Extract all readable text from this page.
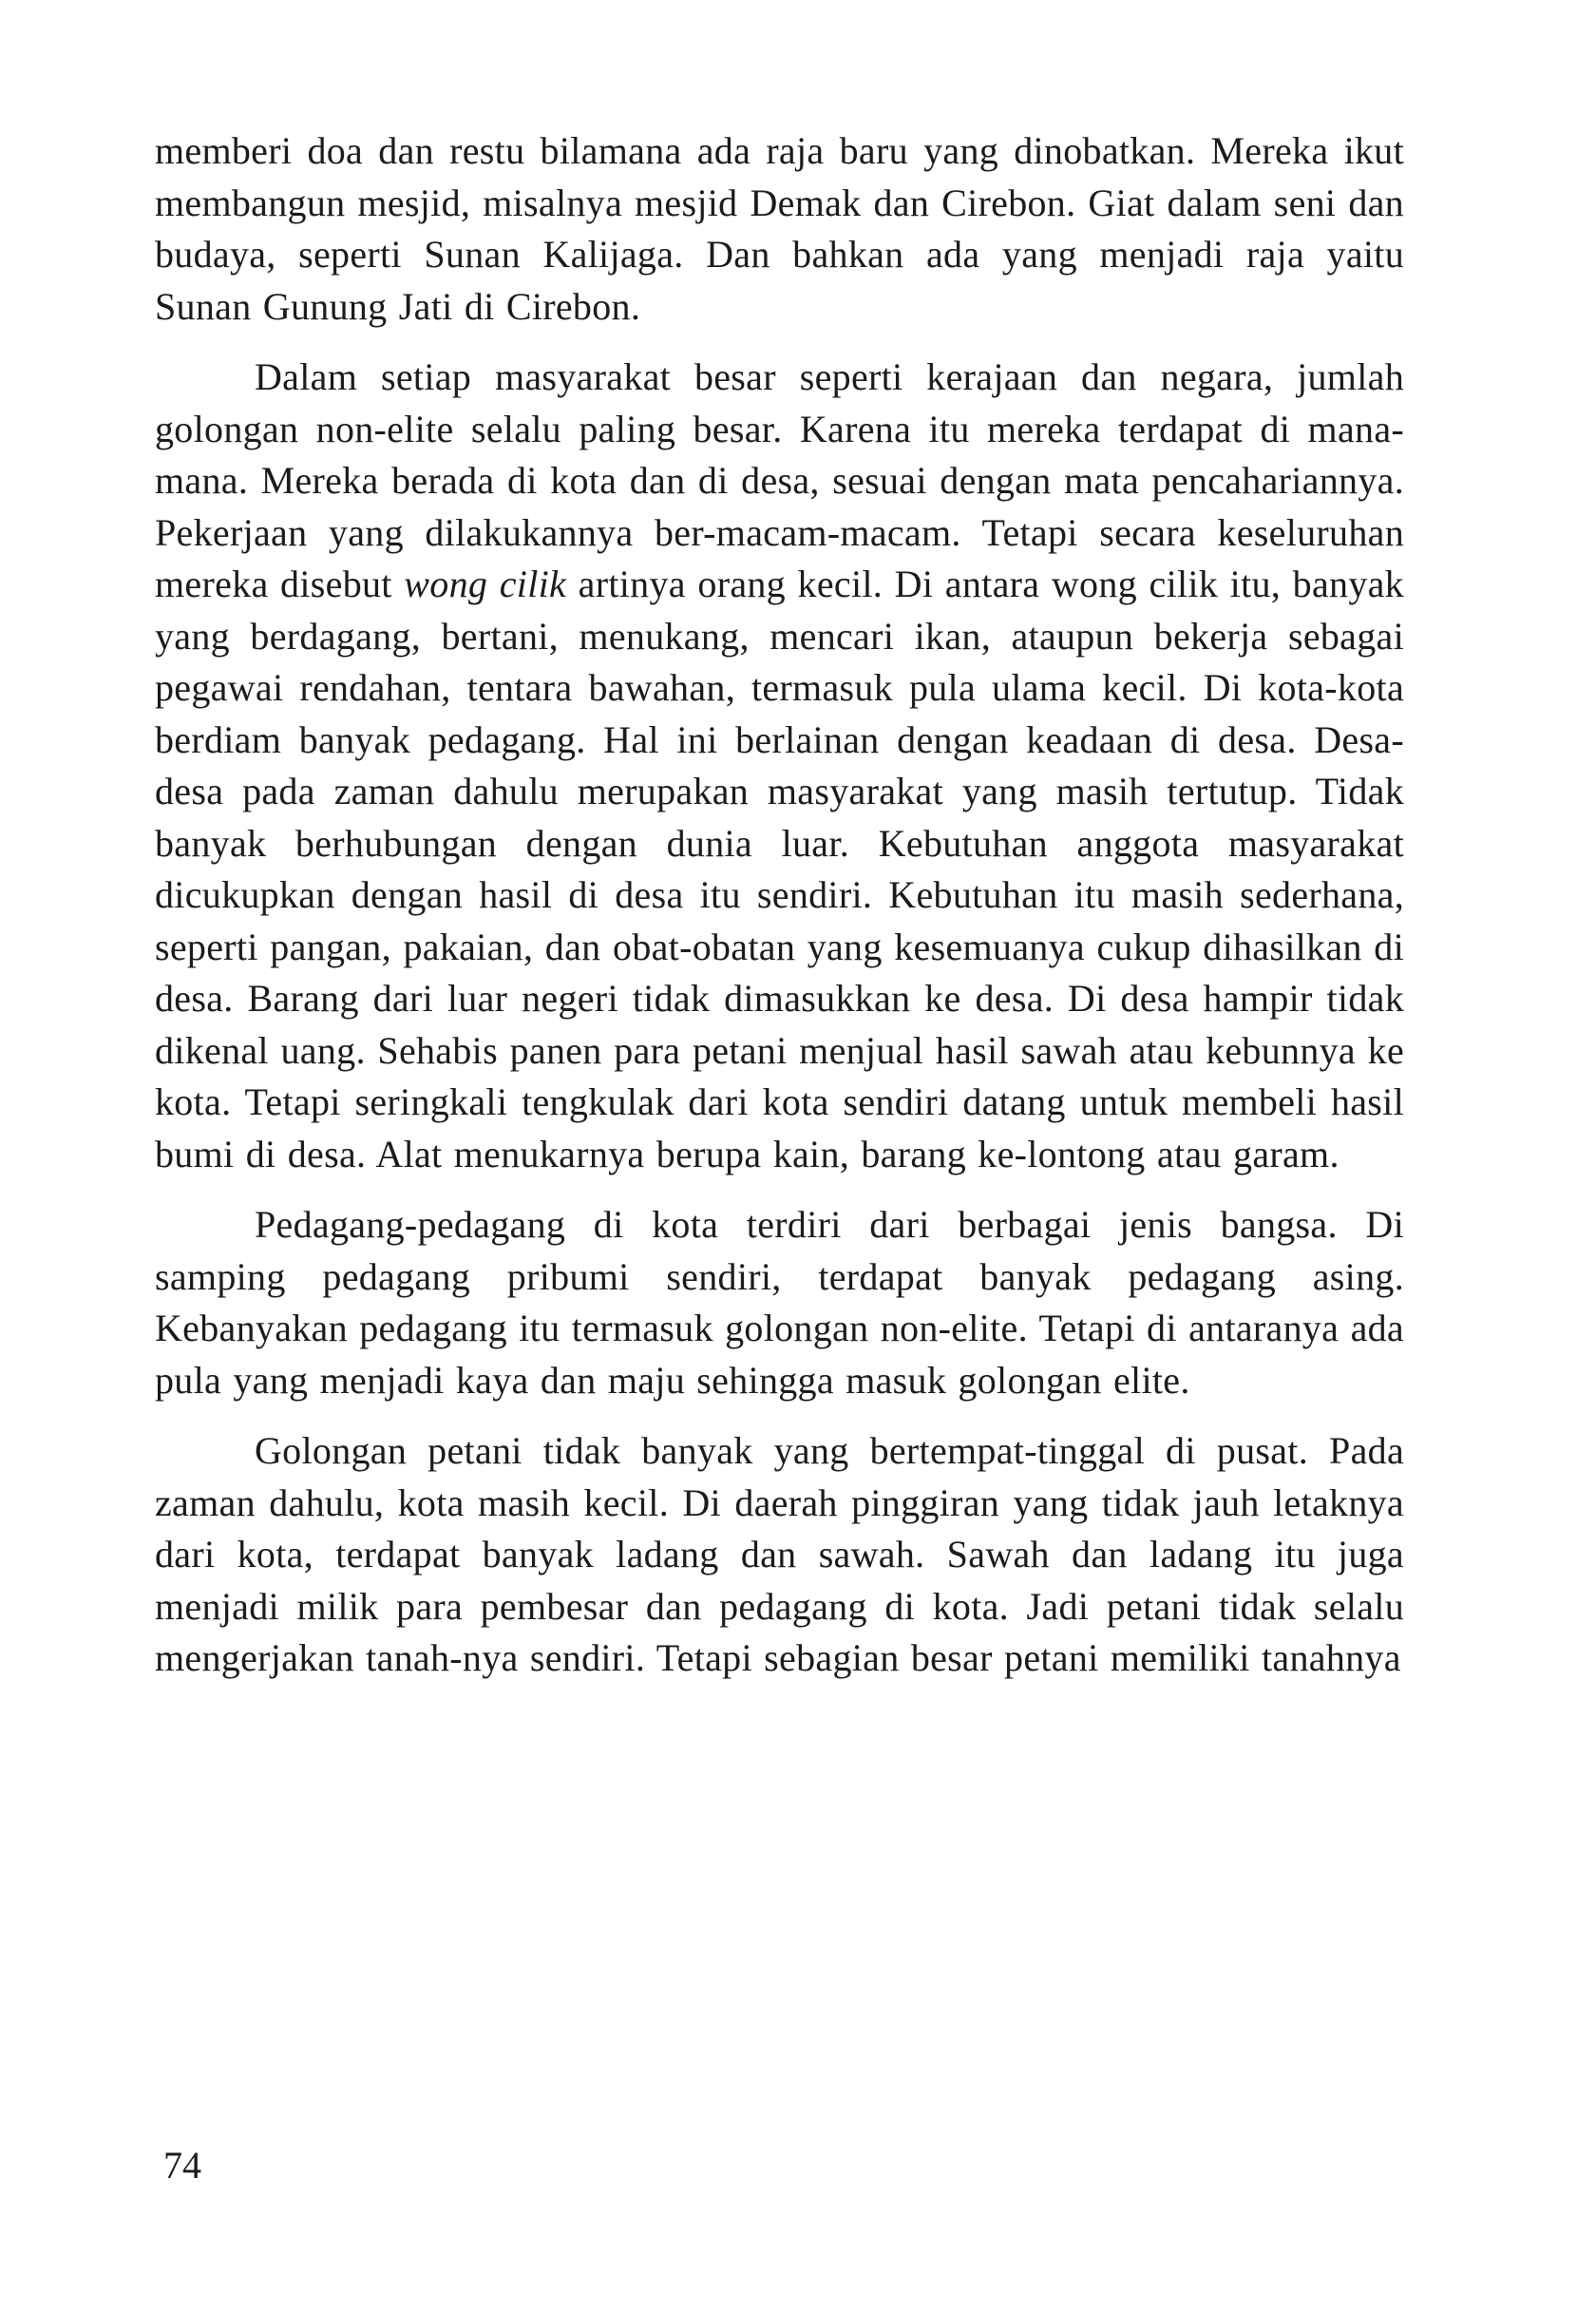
memberi doa dan restu bilamana ada raja baru yang dinobatkan. Mereka ikut membangun mesjid, misalnya mesjid Demak dan Cirebon. Giat dalam seni dan budaya, seperti Sunan Kalijaga. Dan bahkan ada yang menjadi raja yaitu Sunan Gunung Jati di Cirebon.

Dalam setiap masyarakat besar seperti kerajaan dan negara, jumlah golongan non-elite selalu paling besar. Karena itu mereka terdapat di mana-mana. Mereka berada di kota dan di desa, sesuai dengan mata pencahariannya. Pekerjaan yang dilakukannya ber-macam-macam. Tetapi secara keseluruhan mereka disebut wong cilik artinya orang kecil. Di antara wong cilik itu, banyak yang berdagang, bertani, menukang, mencari ikan, ataupun bekerja sebagai pegawai rendahan, tentara bawahan, termasuk pula ulama kecil. Di kota-kota berdiam banyak pedagang. Hal ini berlainan dengan keadaan di desa. Desa-desa pada zaman dahulu merupakan masyarakat yang masih tertutup. Tidak banyak berhubungan dengan dunia luar. Kebutuhan anggota masyarakat dicukupkan dengan hasil di desa itu sendiri. Kebutuhan itu masih sederhana, seperti pangan, pakaian, dan obat-obatan yang kesemuanya cukup dihasilkan di desa. Barang dari luar negeri tidak dimasukkan ke desa. Di desa hampir tidak dikenal uang. Sehabis panen para petani menjual hasil sawah atau kebunnya ke kota. Tetapi seringkali tengkulak dari kota sendiri datang untuk membeli hasil bumi di desa. Alat menukarnya berupa kain, barang ke-lontong atau garam.

Pedagang-pedagang di kota terdiri dari berbagai jenis bangsa. Di samping pedagang pribumi sendiri, terdapat banyak pedagang asing. Kebanyakan pedagang itu termasuk golongan non-elite. Tetapi di antaranya ada pula yang menjadi kaya dan maju sehingga masuk golongan elite.

Golongan petani tidak banyak yang bertempat-tinggal di pusat. Pada zaman dahulu, kota masih kecil. Di daerah pinggiran yang tidak jauh letaknya dari kota, terdapat banyak ladang dan sawah. Sawah dan ladang itu juga menjadi milik para pembesar dan pedagang di kota. Jadi petani tidak selalu mengerjakan tanah-nya sendiri. Tetapi sebagian besar petani memiliki tanahnya

74
